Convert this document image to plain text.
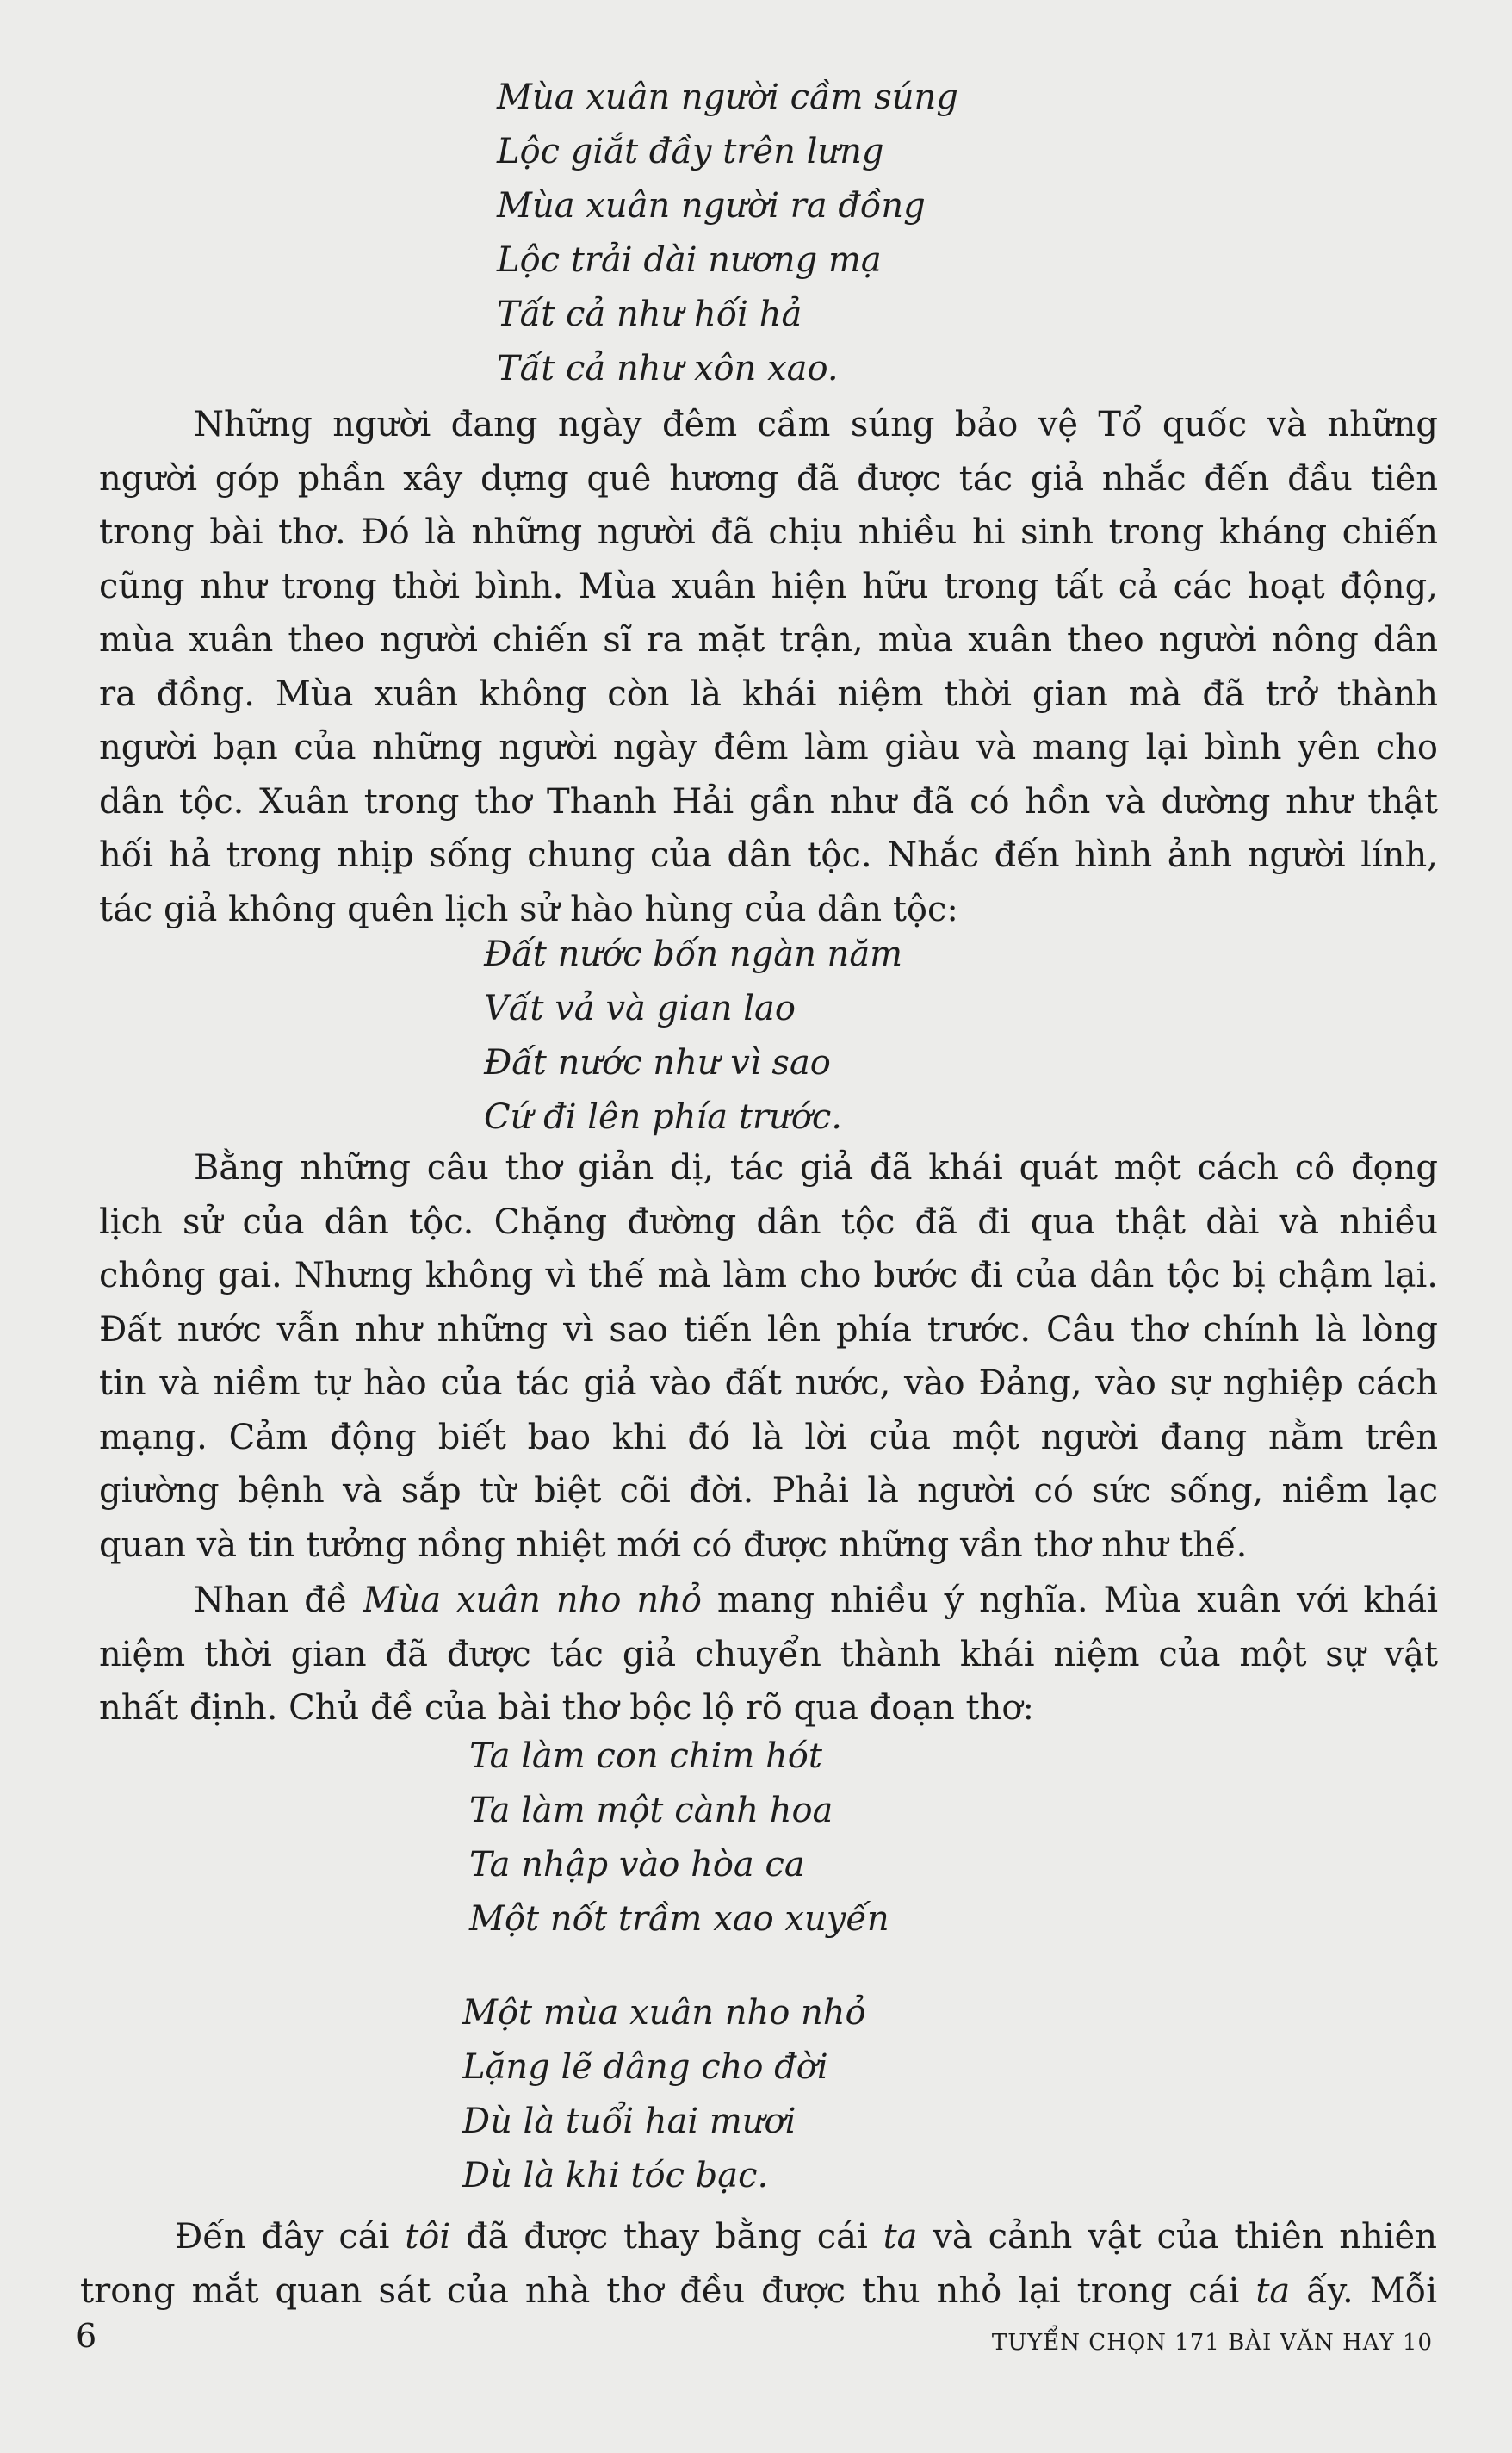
Mùa xuân người cầm súng
Lộc giắt đầy trên lưng
Mùa xuân người ra đồng
Lộc trải dài nương mạ
Tất cả như hối hả
Tất cả như xôn xao.
Những người đang ngày đêm cầm súng bảo vệ Tổ quốc và những
người góp phần xây dựng quê hương đã được tác giả nhắc đến đầu tiên
trong bài thơ. Đó là những người đã chịu nhiều hi sinh trong kháng chiến
cũng như trong thời bình. Mùa xuân hiện hữu trong tất cả các hoạt động,
mùa xuân theo người chiến sĩ ra mặt trận, mùa xuân theo người nông dân
ra đồng. Mùa xuân không còn là khái niệm thời gian mà đã trở thành
người bạn của những người ngày đêm làm giàu và mang lại bình yên cho
dân tộc. Xuân trong thơ Thanh Hải gần như đã có hồn và dường như thật
hối hả trong nhịp sống chung của dân tộc. Nhắc đến hình ảnh người lính,
tác giả không quên lịch sử hào hùng của dân tộc:
Đất nước bốn ngàn năm
Vất vả và gian lao
Đất nước như vì sao
Cứ đi lên phía trước.
Bằng những câu thơ giản dị, tác giả đã khái quát một cách cô đọng
lịch sử của dân tộc. Chặng đường dân tộc đã đi qua thật dài và nhiều
chông gai. Nhưng không vì thế mà làm cho bước đi của dân tộc bị chậm lại.
Đất nước vẫn như những vì sao tiến lên phía trước. Câu thơ chính là lòng
tin và niềm tự hào của tác giả vào đất nước, vào Đảng, vào sự nghiệp cách
mạng. Cảm động biết bao khi đó là lời của một người đang nằm trên
giường bệnh và sắp từ biệt cõi đời. Phải là người có sức sống, niềm lạc
quan và tin tưởng nồng nhiệt mới có được những vần thơ như thế.
Nhan đề Mùa xuân nho nhỏ mang nhiều ý nghĩa. Mùa xuân với khái
niệm thời gian đã được tác giả chuyển thành khái niệm của một sự vật
nhất định. Chủ đề của bài thơ bộc lộ rõ qua đoạn thơ:
Ta làm con chim hót
Ta làm một cành hoa
Ta nhập vào hòa ca
Một nốt trầm xao xuyến
Một mùa xuân nho nhỏ
Lặng lẽ dâng cho đời
Dù là tuổi hai mươi
Dù là khi tóc bạc.
Đến đây cái tôi đã được thay bằng cái ta và cảnh vật của thiên nhiên
trong mắt quan sát của nhà thơ đều được thu nhỏ lại trong cái ta ấy. Mỗi
6	TUYỂN CHỌN 171 BÀI VĂN HAY 10
